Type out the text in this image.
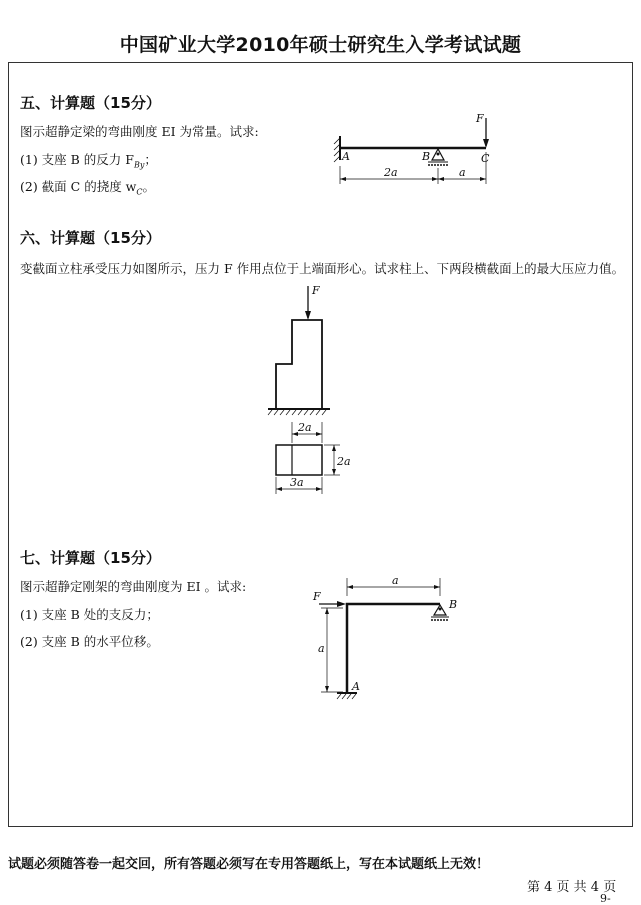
中国矿业大学2010年硕士研究生入学考试试题
五、计算题（15分）
图示超静定梁的弯曲刚度 EI 为常量。试求:
(1) 支座 B 的反力 $F_{By}$；
(2) 截面 C 的挠度 $w_C$。
F
A	B	C
2a	a
六、计算题（15分）
变截面立柱承受压力如图所示，压力 F 作用点位于上端面形心。试求柱上、下两段横截面上的最大压应力值。
F
2a
2a
3a
七、计算题（15分）
图示超静定刚架的弯曲刚度为 EI 。试求:
(1) 支座 B 处的支反力；
(2) 支座 B 的水平位移。
a
F
B
A
a
试题必须随答卷一起交回，所有答题必须写在专用答题纸上，写在本试题纸上无效！
第 4 页 共 4 页
9-
